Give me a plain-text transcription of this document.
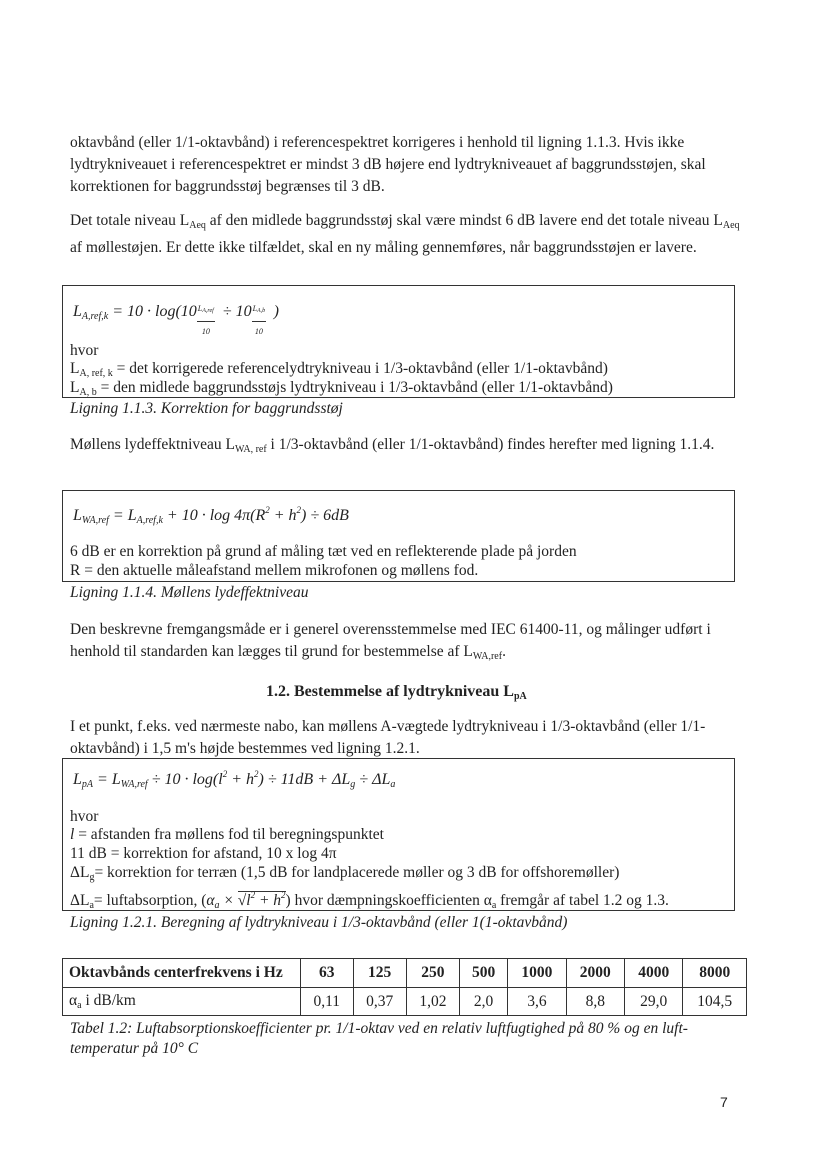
oktavbånd (eller 1/1-oktavbånd) i referencespektret korrigeres i henhold til ligning 1.1.3. Hvis ikke lydtrykniveauet i referencespektret er mindst 3 dB højere end lydtrykniveauet af baggrundsstøjen, skal korrektionen for baggrundsstøj begrænses til 3 dB.
Det totale niveau $L_{Aeq}$ af den midlede baggrundsstøj skal være mindst 6 dB lavere end det totale niveau $L_{Aeq}$ af møllestøjen. Er dette ikke tilfældet, skal en ny måling gennemføres, når baggrundsstøjen er lavere.
$L_{A,ref,k} = 10 \cdot \log(10$ $L_{A,ref}$
10
÷ $10 \frac{L_{A,b}}{10}$ )
hvor
$L_{A, ref, k} = \det$ korrigerede referencelydtrykniveau i 1/3-oktavbånd (eller 1/1-oktavbånd)
$L_{A, b}$ = den midlede baggrundsstøjs lydtrykniveau i 1/3-oktavbånd (eller 1/1-oktavbånd)
Ligning 1.1.3. Korrektion for baggrundsstøj
Møllens lydeffektniveau $L_{WA, ref}$ i 1/3-oktavbånd (eller 1/1-oktavbånd) findes herefter med ligning 1.1.4.
$L_{WA,ref} = L_{A,ref,k} + 10 \cdot \log 4\pi(R^2 + h^2) \div 6dB$
6 dB er en korrektion på grund af måling tæt ved en reflekterende plade på jorden
R = den aktuelle måleafstand mellem mikrofonen og møllens fod.
Ligning 1.1.4. Møllens lydeffektniveau
Den beskrevne fremgangsmåde er i generel overensstemmelse med IEC 61400-11, og målinger udført i henhold til standarden kan lægges til grund for bestemmelse af $L_{WA,ref}$.
1.2. Bestemmelse af lydtrykniveau $L_{pA}$
I et punkt, f.eks. ved nærmeste nabo, kan møllens A-vægtede lydtrykniveau i 1/3-oktavbånd (eller 1/1-oktavbånd) i 1,5 m's højde bestemmes ved ligning 1.2.1.
$L_{pA} = L_{WA,ref} \div 10 \cdot \log(l^2 + h^2) \div 11dB + \Delta L_g \div \Delta L_a$
hvor
l = afstanden fra møllens fod til beregningspunktet
11 dB = korrektion for afstand, 10 x log 4π
$\Delta L_g=$ korrektion for terræn (1,5 dB for landplacerede møller og 3 dB for offshoremøller)
$\Delta L_a=$ luftabsorption, $(\alpha_a \times √l^2 + h^2)$ hvor dæmpningskoefficienten $\alpha_a$ fremgår af tabel 1.2 og 1.3.
Ligning 1.2.1. Beregning af lydtrykniveau i 1/3-oktavbånd (eller 1(1-oktavbånd)
Oktavbånds centerfrekvens i Hz	63	125	250	500	1000	2000	4000	8000
$\alpha_a$ i dB/km	0,11	0,37	1,02	2,0	3,6	8,8	29,0	104,5
Tabel 1.2: Luftabsorptionskoefficienter pr. 1/1-oktav ved en relativ luftfugtighed på 80 % og en luft-temperatur på 10° C
7
